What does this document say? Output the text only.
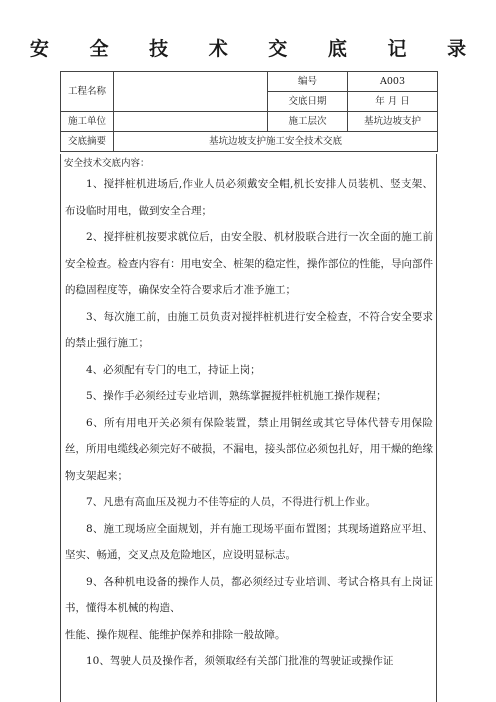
安 全 技 术 交 底 记 录
工程名称		编号	A003
		交底日期	年 月 日
施工单位		施工层次	基坑边坡支护
交底摘要	基坑边坡支护施工安全技术交底		
安全技术交底内容：

1、搅拌桩机进场后,作业人员必须戴安全帽,机长安排人员装机、竖支架、布设临时用电，做到安全合理；

2、搅拌桩机按要求就位后，由安全股、机材股联合进行一次全面的施工前安全检查。检查内容有：用电安全、桩架的稳定性，操作部位的性能，导向部件的稳固程度等，确保安全符合要求后才准予施工；

3、每次施工前，由施工员负责对搅拌桩机进行安全检查，不符合安全要求的禁止强行施工；

4、必须配有专门的电工，持证上岗；

5、操作手必须经过专业培训，熟练掌握搅拌桩机施工操作规程；

6、所有用电开关必须有保险装置，禁止用铜丝或其它导体代替专用保险丝，所用电缆线必须完好不破损，不漏电，接头部位必须包扎好，用干燥的绝缘物支架起来；

7、凡患有高血压及视力不佳等症的人员，不得进行机上作业。

8、施工现场应全面规划，并有施工现场平面布置图；其现场道路应平坦、坚实、畅通，交叉点及危险地区，应设明显标志。

9、各种机电设备的操作人员，都必须经过专业培训、考试合格具有上岗证书，懂得本机械的构造、

性能、操作规程、能维护保养和排除一般故障。

10、驾驶人员及操作者，须领取经有关部门批准的驾驶证或操作证
